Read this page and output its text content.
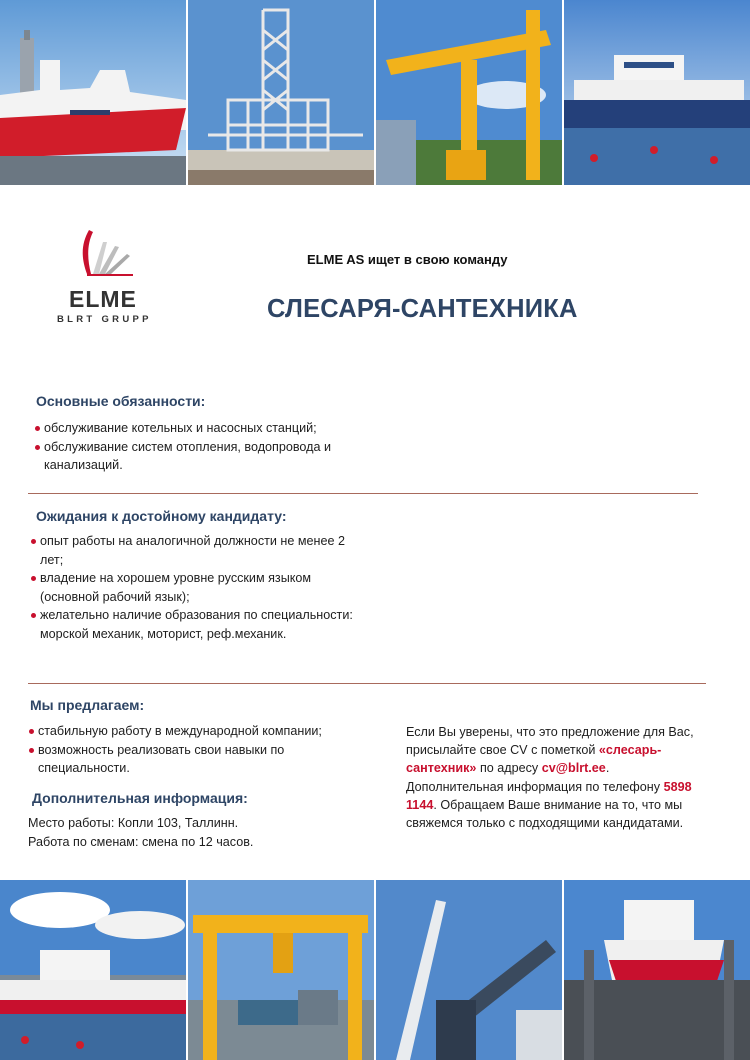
ELME
BLRT GRUPP
ELME AS ищет в свою команду
СЛЕСАРЯ-САНТЕХНИКА
Основные обязанности:
обслуживание котельных и насосных станций;
обслуживание систем отопления, водопровода и канализаций.
Ожидания к достойному кандидату:
опыт работы на аналогичной должности не менее 2 лет;
владение на хорошем уровне русским языком (основной рабочий язык);
желательно наличие образования по специальности: морской механик, моторист, реф.механик.
Мы предлагаем:
стабильную работу в международной компании;
возможность реализовать свои навыки по специальности.
Дополнительная информация:
Место работы: Копли 103, Таллинн.
Работа по сменам: смена по 12 часов.
Если Вы уверены, что это предложение для Вас, присылайте свое CV с пометкой «слесарь-сантехник» по адресу cv@blrt.ee. Дополнительная информация по телефону 5898 1144. Обращаем Ваше внимание на то, что мы свяжемся только с подходящими кандидатами.
